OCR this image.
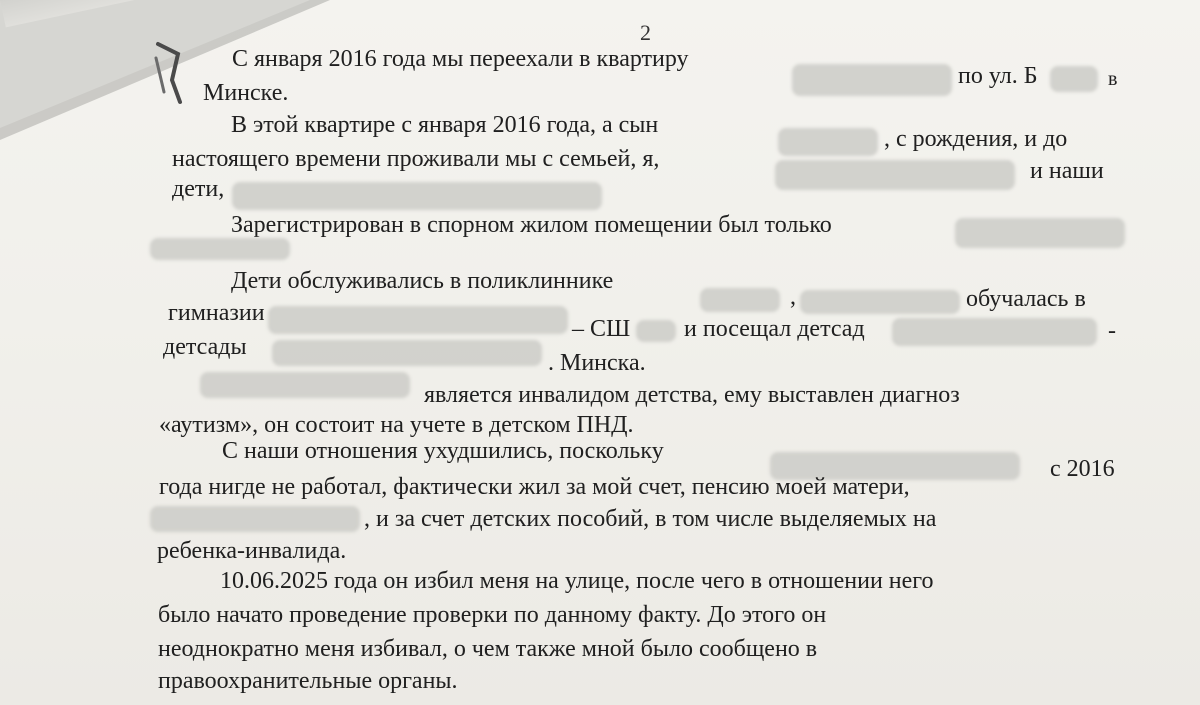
2
С января 2016 года мы переехали в квартиру
по ул. Б	в
Минске.
В этой квартире с января 2016 года, а сын
, с рождения, и до
настоящего времени проживали мы с семьей, я,	и наши
дети,
Зарегистрирован в спорном жилом помещении был только
Дети обслуживались в поликлиннике
,	обучалась в
гимназии
– СШ и посещал детсад	-
детсады
. Минска.
является инвалидом детства, ему выставлен диагноз
«аутизм», он состоит на учете в детском ПНД.
С наши отношения ухудшились, поскольку
с 2016
года нигде не работал, фактически жил за мой счет, пенсию моей матери,
, и за счет детских пособий, в том числе выделяемых на
ребенка-инвалида.
10.06.2025 года он избил меня на улице, после чего в отношении него
было начато проведение проверки по данному факту. До этого он
неоднократно меня избивал, о чем также мной было сообщено в
правоохранительные органы.
